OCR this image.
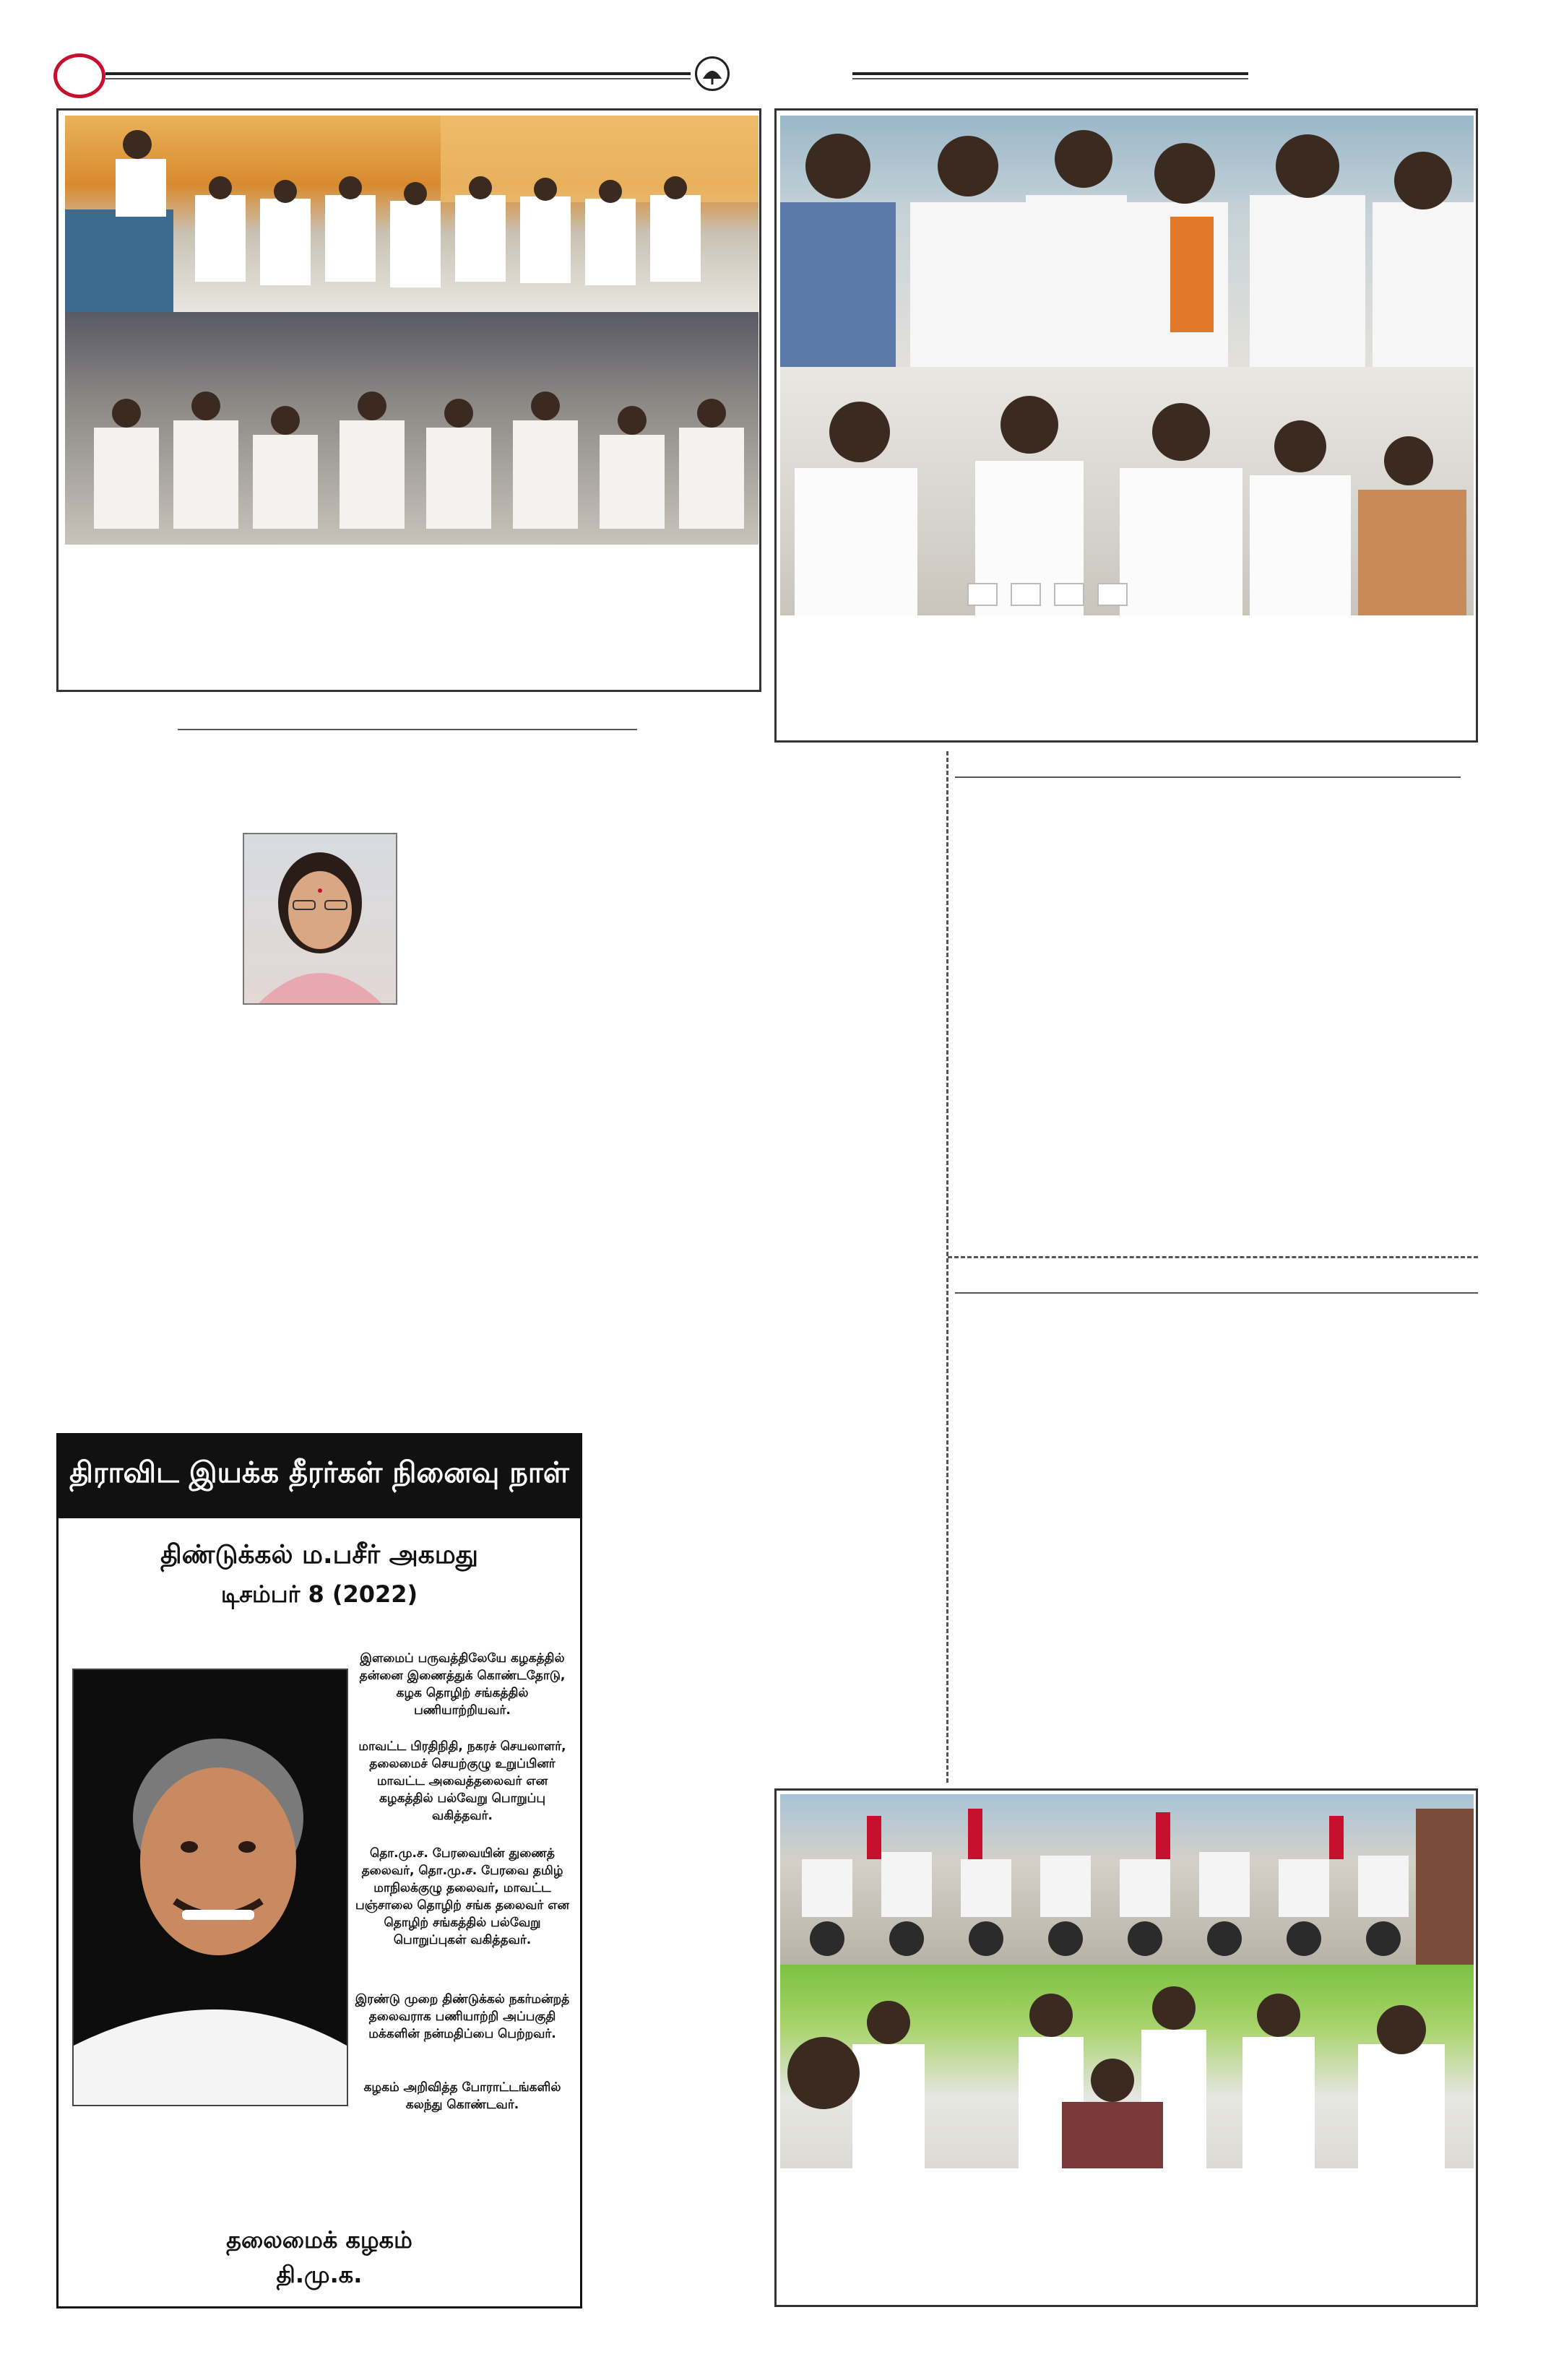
திராவிட இயக்க தீரர்கள் நினைவு நாள்
திண்டுக்கல் ம.பசீர் அகமது
டிசம்பர் 8 (2022)
இளமைப் பருவத்திலேயே கழகத்தில் தன்னை இணைத்துக் கொண்டதோடு, கழக தொழிற் சங்கத்தில் பணியாற்றியவர்.
மாவட்ட பிரதிநிதி, நகரச் செயலாளர், தலைமைச் செயற்குழு உறுப்பினர் மாவட்ட அவைத்தலைவர் என கழகத்தில் பல்வேறு பொறுப்பு வகித்தவர்.
தொ.மு.ச. பேரவையின் துணைத் தலைவர், தொ.மு.ச. பேரவை தமிழ் மாநிலக்குழு தலைவர், மாவட்ட பஞ்சாலை தொழிற் சங்க தலைவர் என தொழிற் சங்கத்தில் பல்வேறு பொறுப்புகள் வகித்தவர்.
இரண்டு முறை திண்டுக்கல் நகர்மன்றத் தலைவராக பணியாற்றி அப்பகுதி மக்களின் நன்மதிப்பை பெற்றவர்.
கழகம் அறிவித்த போராட்டங்களில் கலந்து கொண்டவர்.
தலைமைக் கழகம்
தி.மு.க.
